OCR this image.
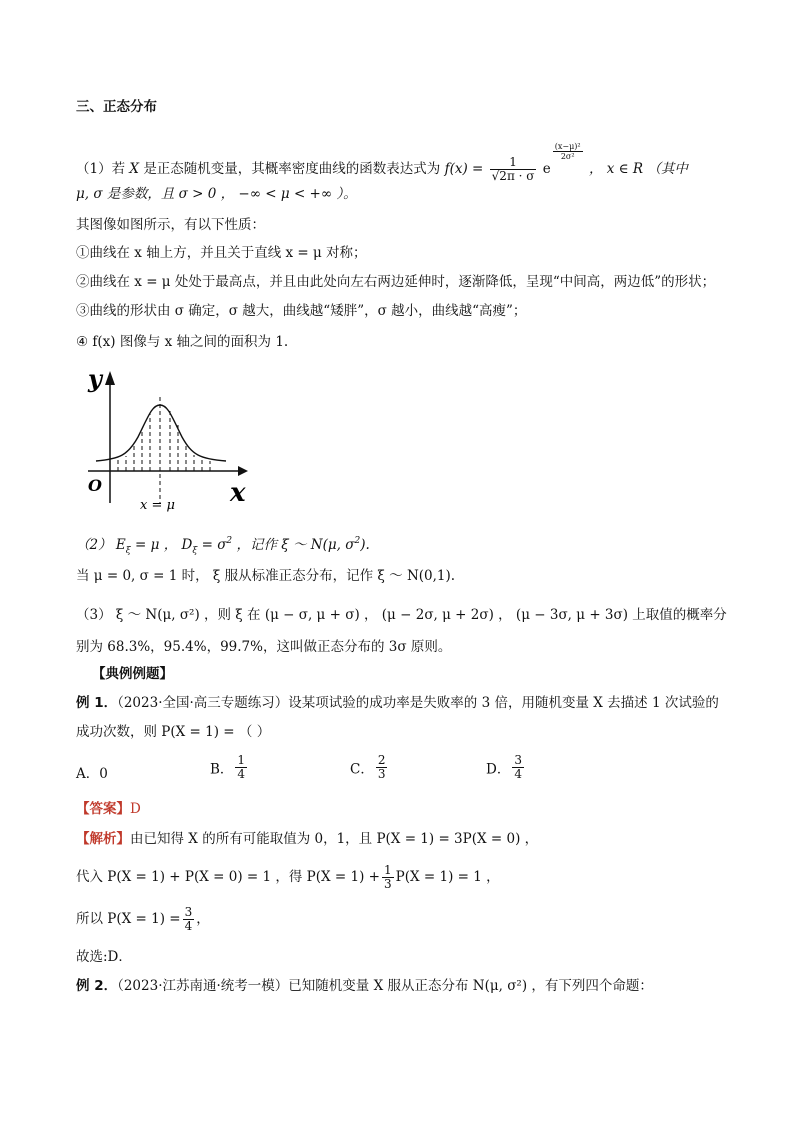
三、正态分布
（1）若 X 是正态随机变量，其概率密度曲线的函数表达式为 $f(x) = \frac{1}{√2\pi \cdot \sigma}$ e
$\frac{\text{(x−μ)²}}{\text{2σ²}}$
， x ∈ R （其中
μ, σ 是参数，且 σ > 0 ， −∞ < μ < +∞ ）。
其图像如图所示，有以下性质：
①曲线在 x 轴上方，并且关于直线 x = μ 对称；
②曲线在 x = μ 处处于最高点，并且由此处向左右两边延伸时，逐渐降低，呈现“中间高，两边低”的形状；
③曲线的形状由 σ 确定，σ 越大，曲线越“矮胖”，σ 越小，曲线越“高瘦”；
④ f(x) 图像与 x 轴之间的面积为 1.
y
x
O
x = μ
（2） $E_\xi = \mu$ ， $D_\xi = \sigma^2$ ，记作 ξ ～ N(μ, $\sigma^2$).
当 μ = 0, σ = 1 时， ξ 服从标准正态分布，记作 ξ ～ N(0,1).
（3） ξ ～ N(μ, σ²) ，则 ξ 在 (μ − σ, μ + σ) ， (μ − 2σ, μ + 2σ) ， (μ − 3σ, μ + 3σ) 上取值的概率分
别为 68.3%，95.4%，99.7%，这叫做正态分布的 3σ 原则。
【典例例题】
例 1．（2023·全国·高三专题练习）设某项试验的成功率是失败率的 3 倍，用随机变量 X 去描述 1 次试验的
成功次数，则 P(X = 1) = （ ）
A．0	B． $\frac{1}{4}$	C． $\frac{2}{3}$	D． $\frac{3}{4}$
【答案】D
【解析】由已知得 X 的所有可能取值为 0，1，且 P(X = 1) = 3P(X = 0) ，
代入 P(X = 1) + P(X = 0) = 1 ，得 $P(X = 1) + \frac{1}{3} P(X = 1) = 1$ ，
所以 $P(X = 1) = \frac{3}{4}$ ，
故选:D．
例 2．（2023·江苏南通·统考一模）已知随机变量 X 服从正态分布 N(μ, σ²) ，有下列四个命题：
